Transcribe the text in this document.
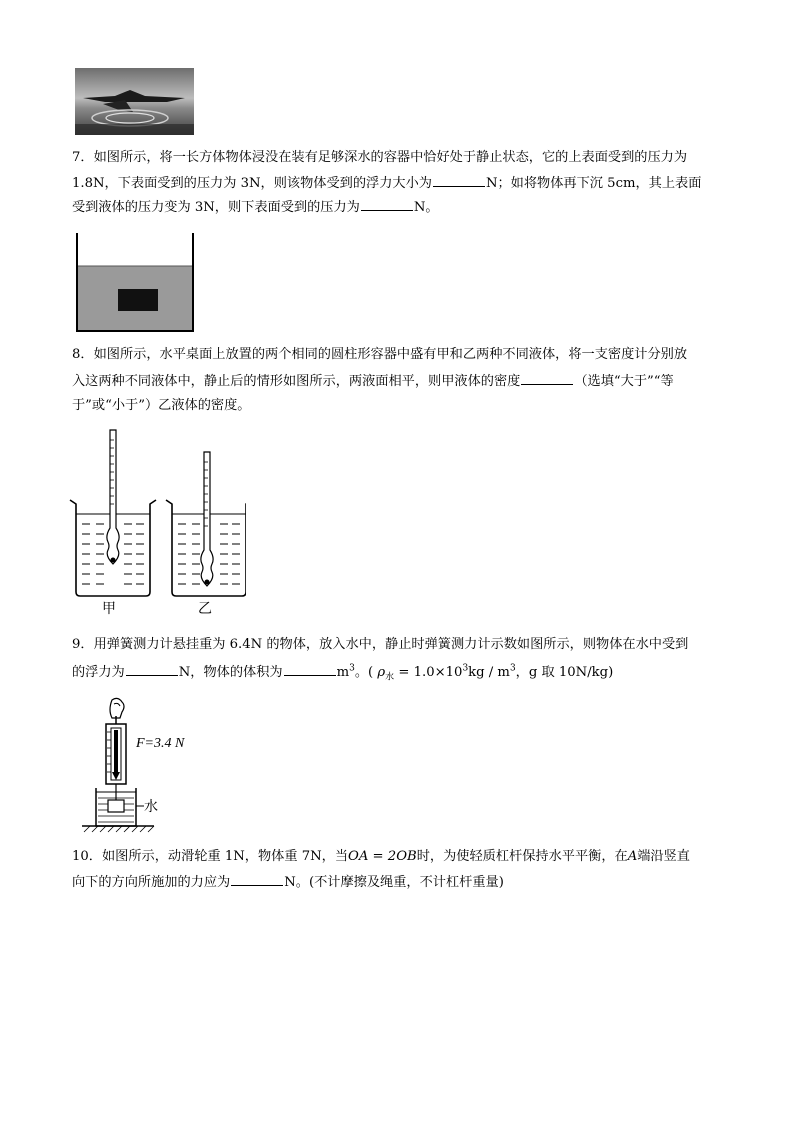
7．如图所示，将一长方体物体浸没在装有足够深水的容器中恰好处于静止状态，它的上表面受到的压力为
1.8N，下表面受到的压力为 3N，则该物体受到的浮力大小为	N；如将物体再下沉 5cm，其上表面
受到液体的压力变为 3N，则下表面受到的压力为	N。
8．如图所示，水平桌面上放置的两个相同的圆柱形容器中盛有甲和乙两种不同液体，将一支密度计分别放
入这两种不同液体中，静止后的情形如图所示，两液面相平，则甲液体的密度	（选填“大于”“等
于”或“小于”）乙液体的密度。
甲	乙
9．用弹簧测力计悬挂重为 6.4N 的物体，放入水中，静止时弹簧测力计示数如图所示，则物体在水中受到
的浮力为	N，物体的体积为	$m^3$。( $\rho_水 = 1.0\times 10^3kg / m^3$，g 取 10N/kg)
F=3.4 N
水
10．如图所示，动滑轮重 1N，物体重 7N，当OA = 2OB时，为使轻质杠杆保持水平平衡，在A端沿竖直
向下的方向所施加的力应为	N。(不计摩擦及绳重，不计杠杆重量)
